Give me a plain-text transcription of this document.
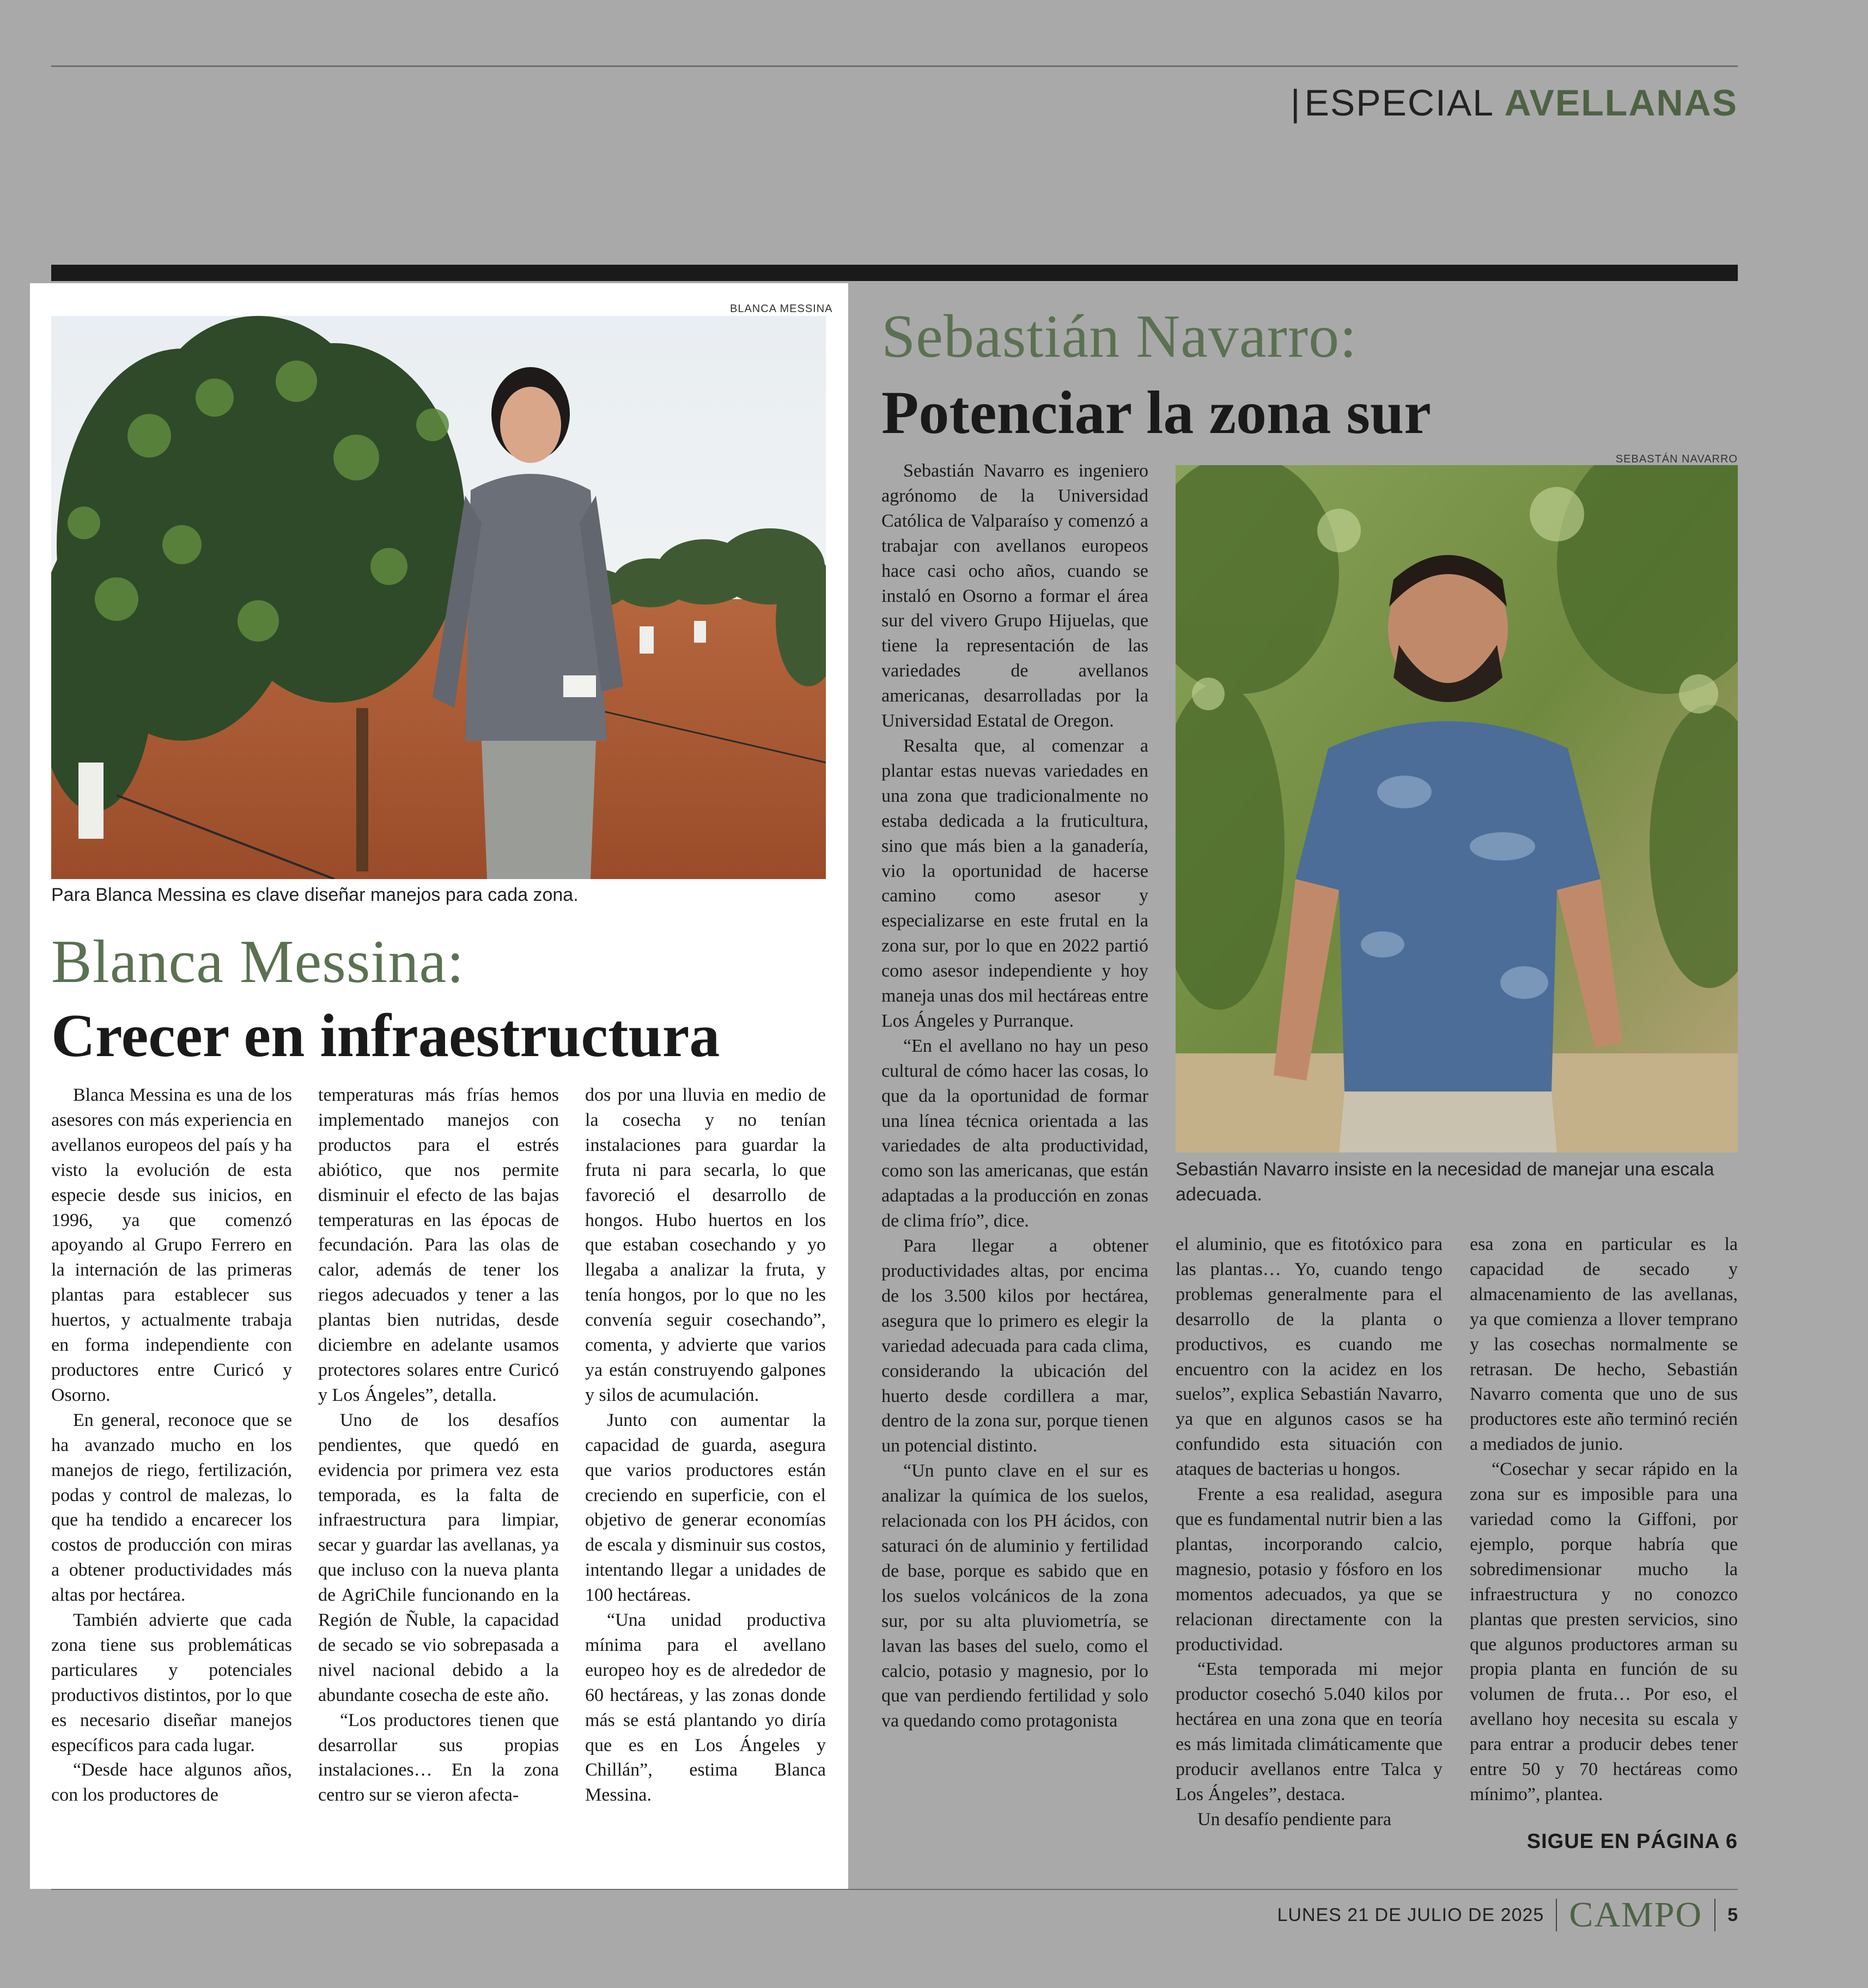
|ESPECIAL AVELLANAS
BLANCA MESSINA
Para Blanca Messina es clave diseñar manejos para cada zona.
Blanca Messina:
Crecer en infraestructura

Blanca Messina es una de los asesores con más experiencia en avellanos europeos del país y ha visto la evolución de esta especie desde sus inicios, en 1996, ya que comenzó apoyando al Grupo Ferrero en la internación de las primeras plantas para establecer sus huertos, y actualmente trabaja en forma independiente con productores entre Curicó y Osorno.

En general, reconoce que se ha avanzado mucho en los manejos de riego, fertilización, podas y control de malezas, lo que ha tendido a encarecer los costos de producción con miras a obtener productividades más altas por hectárea.

También advierte que cada zona tiene sus problemáticas particulares y potenciales productivos distintos, por lo que es necesario diseñar manejos específicos para cada lugar.

“Desde hace algunos años, con los productores de

temperaturas más frías hemos implementado manejos con productos para el estrés abiótico, que nos permite disminuir el efecto de las bajas temperaturas en las épocas de fecundación. Para las olas de calor, además de tener los riegos adecuados y tener a las plantas bien nutridas, desde diciembre en adelante usamos protectores solares entre Curicó y Los Ángeles”, detalla.

Uno de los desafíos pendientes, que quedó en evidencia por primera vez esta temporada, es la falta de infraestructura para limpiar, secar y guardar las avellanas, ya que incluso con la nueva planta de AgriChile funcionando en la Región de Ñuble, la capacidad de secado se vio sobrepasada a nivel nacional debido a la abundante cosecha de este año.

“Los productores tienen que desarrollar sus propias instalaciones… En la zona centro sur se vieron afecta-

dos por una lluvia en medio de la cosecha y no tenían instalaciones para guardar la fruta ni para secarla, lo que favoreció el desarrollo de hongos. Hubo huertos en los que estaban cosechando y yo llegaba a analizar la fruta, y tenía hongos, por lo que no les convenía seguir cosechando”, comenta, y advierte que varios ya están construyendo galpones y silos de acumulación.

Junto con aumentar la capacidad de guarda, asegura que varios productores están creciendo en superficie, con el objetivo de generar economías de escala y disminuir sus costos, intentando llegar a unidades de 100 hectáreas.

“Una unidad productiva mínima para el avellano europeo hoy es de alrededor de 60 hectáreas, y las zonas donde más se está plantando yo diría que es en Los Ángeles y Chillán”, estima Blanca Messina.

Sebastián Navarro:
Potenciar la zona sur
SEBASTÁN NAVARRO
Sebastián Navarro insiste en la necesidad de manejar una escala adecuada.

Sebastián Navarro es ingeniero agrónomo de la Universidad Católica de Valparaíso y comenzó a trabajar con avellanos europeos hace casi ocho años, cuando se instaló en Osorno a formar el área sur del vivero Grupo Hijuelas, que tiene la representación de las variedades de avellanos americanas, desarrolladas por la Universidad Estatal de Oregon.

Resalta que, al comenzar a plantar estas nuevas variedades en una zona que tradicionalmente no estaba dedicada a la fruticultura, sino que más bien a la ganadería, vio la oportunidad de hacerse camino como asesor y especializarse en este frutal en la zona sur, por lo que en 2022 partió como asesor independiente y hoy maneja unas dos mil hectáreas entre Los Ángeles y Purranque.

“En el avellano no hay un peso cultural de cómo hacer las cosas, lo que da la oportunidad de formar una línea técnica orientada a las variedades de alta productividad, como son las americanas, que están adaptadas a la producción en zonas de clima frío”, dice.

Para llegar a obtener productividades altas, por encima de los 3.500 kilos por hectárea, asegura que lo primero es elegir la variedad adecuada para cada clima, considerando la ubicación del huerto desde cordillera a mar, dentro de la zona sur, porque tienen un potencial distinto.

“Un punto clave en el sur es analizar la química de los suelos, relacionada con los PH ácidos, con saturaci ón de aluminio y fertilidad de base, porque es sabido que en los suelos volcánicos de la zona sur, por su alta pluviometría, se lavan las bases del suelo, como el calcio, potasio y magnesio, por lo que van perdiendo fertilidad y solo va quedando como protagonista

el aluminio, que es fitotóxico para las plantas… Yo, cuando tengo problemas generalmente para el desarrollo de la planta o productivos, es cuando me encuentro con la acidez en los suelos”, explica Sebastián Navarro, ya que en algunos casos se ha confundido esta situación con ataques de bacterias u hongos.

Frente a esa realidad, asegura que es fundamental nutrir bien a las plantas, incorporando calcio, magnesio, potasio y fósforo en los momentos adecuados, ya que se relacionan directamente con la productividad.

“Esta temporada mi mejor productor cosechó 5.040 kilos por hectárea en una zona que en teoría es más limitada climáticamente que producir avellanos entre Talca y Los Ángeles”, destaca.

Un desafío pendiente para

esa zona en particular es la capacidad de secado y almacenamiento de las avellanas, ya que comienza a llover temprano y las cosechas normalmente se retrasan. De hecho, Sebastián Navarro comenta que uno de sus productores este año terminó recién a mediados de junio.

“Cosechar y secar rápido en la zona sur es imposible para una variedad como la Giffoni, por ejemplo, porque habría que sobredimensionar mucho la infraestructura y no conozco plantas que presten servicios, sino que algunos productores arman su propia planta en función de su volumen de fruta… Por eso, el avellano hoy necesita su escala y para entrar a producir debes tener entre 50 y 70 hectáreas como mínimo”, plantea.

SIGUE EN PÁGINA 6
LUNES 21 DE JULIO DE 2025 CAMPO 5
